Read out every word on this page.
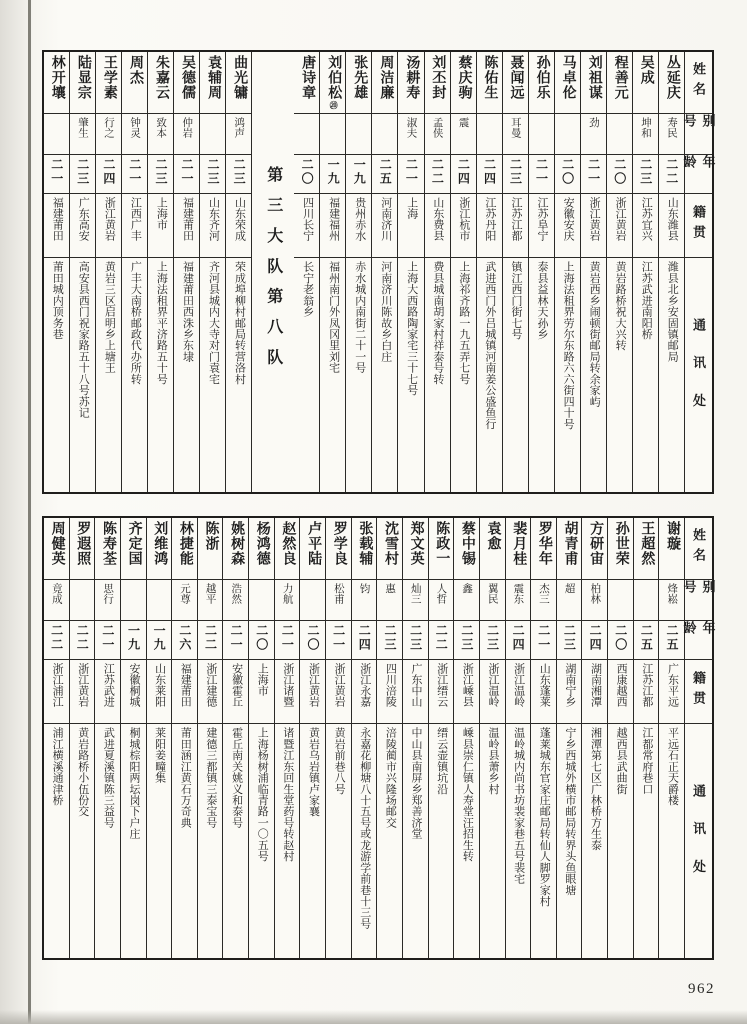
姓名
别号
年龄
籍贯
通讯处
丛延庆
寿民
二二
山东潍县
潍县北乡安固镇邮局
吴成
坤和
二三
江苏宜兴
江苏武进南阳桥
程善元
二〇
浙江黄岩
黄岩路桥祝大兴转
刘祖谋
劲
二一
浙江黄岩
黄岩西乡闹顿街邮局转余家屿
马卓伦
二〇
安徽安庆
上海法租界劳尔东路六六街四十号
孙伯乐
二一
江苏阜宁
泰县益林天孙乡
聂闻远
耳曼
二三
江苏江都
镇江西门街七号
陈佑生
二四
江苏丹阳
武进西门外吕城镇河南姜公盛鱼行
蔡庆驹
震
二四
浙江杭市
上海祁齐路一九五弄七号
刘丕封
孟侠
二二
山东费县
费县城南胡家村祥泰号转
汤耕寿
淑夫
二一
上海
上海大西路陶家宅三十七号
周洁廉
二五
河南济川
河南济川陈故乡白庄
张先雄
一九
贵州赤水
赤水城内南街二十一号
刘伯松
⑳
一九
福建福州
福州南门外凤冈里刘宅
唐诗章
二〇
四川长宁
长宁老翁乡
第三大队第八队
曲光镛
鸿声
二三
山东荣成
荣成埠柳村邮局转营洛村
袁辅周
二三
山东齐河
齐河县城内大寺对门袁宅
吴德儒
仲岩
二一
福建莆田
福建莆田西洙乡东埭
朱嘉云
致本
二三
上海市
上海法租界平济路五十号
周杰
钟灵
二一
江西广丰
广丰大南桥邮政代办所转
王学素
行之
二四
浙江黄岩
黄岩三区启明乡上塘王
陆显宗
肇生
二三
广东高安
高安县西门祝家路五十八号苏记
林开壤
二一
福建莆田
莆田城内顶务巷
姓名
别号
年龄
籍贯
通讯处
谢璇
烽崧
二五
广东平远
平远石正天爵楼
王超然
二五
江苏江都
江都常府巷口
孙世荣
二〇
西康越西
越西县武曲街
方研宙
柏林
二四
湖南湘潭
湘潭第七区广林桥方生泰
胡青甫
超
二三
湖南宁乡
宁乡西城外横市邮局转界头鱼眼塘
罗华年
杰三
二一
山东蓬莱
蓬莱城东官家庄邮局转仙人脚罗家村
裴月桂
震东
二四
浙江温岭
温岭城内尚书坊裴家巷五号裴宅
袁愈
翼民
二三
浙江温岭
温岭县萧乡村
蔡中锡
鑫
二三
浙江嵊县
嵊县崇仁镇人寿堂汪招生转
陈政一
人哲
二二
浙江缙云
缙云壶镇坑沿
郑文英
灿三
二三
广东中山
中山县南屏乡郑善济堂
沈雪村
惠
二三
四川涪陵
涪陵蔺市兴隆场邮交
张载辅
钧
二四
浙江永嘉
永嘉花柳塘八十五号或龙游学前巷十三号
罗学良
松甫
二一
浙江黄岩
黄岩前巷八号
卢平陆
二〇
浙江黄岩
黄岩乌岩镇卢家襄
赵然良
力航
二一
浙江诸暨
诸暨江东回生堂药号转赵村
杨鸿德
二〇
上海市
上海杨树浦临青路一〇五号
姚树森
浩然
二一
安徽霍丘
霍丘南关姚义和泰号
陈浙
越平
二二
浙江建德
建德三都镇三泰宝号
林捷能
元尊
二六
福建莆田
莆田涵江黄石万奇典
刘维鸿
一九
山东莱阳
莱阳姜疃集
齐定国
一九
安徽桐城
桐城棕阳两坛岗下户庄
陈寿荃
思行
二一
江苏武进
武进夏溪镇陈三益号
罗遐照
二二
浙江黄岩
黄岩路桥小伍份交
周健英
竟成
二二
浙江浦江
浦江横溪通津桥
962
